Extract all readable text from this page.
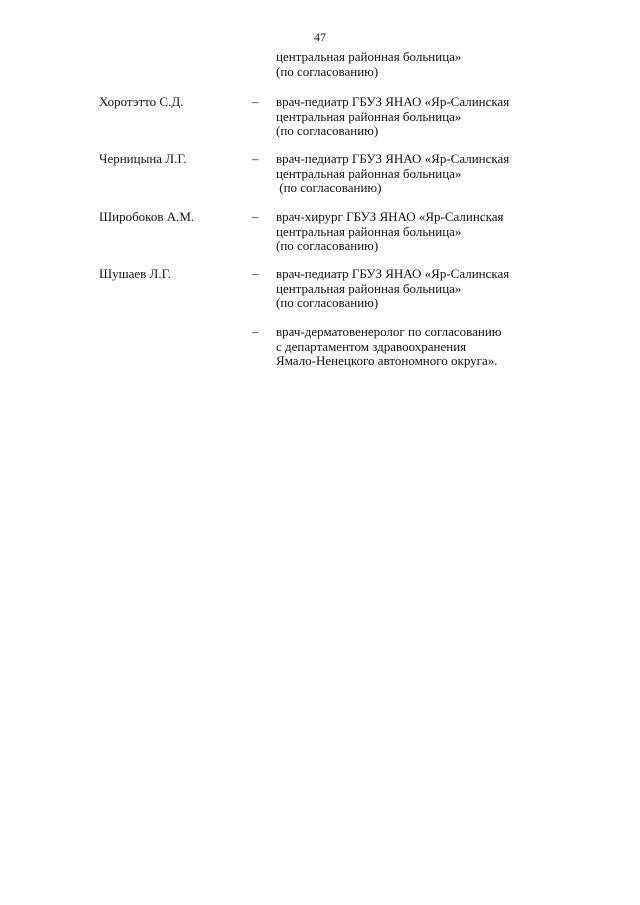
47
центральная районная больница»
(по согласованию)
Хоротэтто С.Д.	– врач-педиатр ГБУЗ ЯНАО «Яр-Салинская
центральная районная больница»
(по согласованию)
Черницына Л.Г.	– врач-педиатр ГБУЗ ЯНАО «Яр-Салинская
центральная районная больница»
(по согласованию)
Широбоков А.М.	– врач-хирург ГБУЗ ЯНАО «Яр-Салинская
центральная районная больница»
(по согласованию)
Шушаев Л.Г.	– врач-педиатр ГБУЗ ЯНАО «Яр-Салинская
центральная районная больница»
(по согласованию)
– врач-дерматовенеролог по согласованию
с департаментом здравоохранения
Ямало-Ненецкого автономного округа».
